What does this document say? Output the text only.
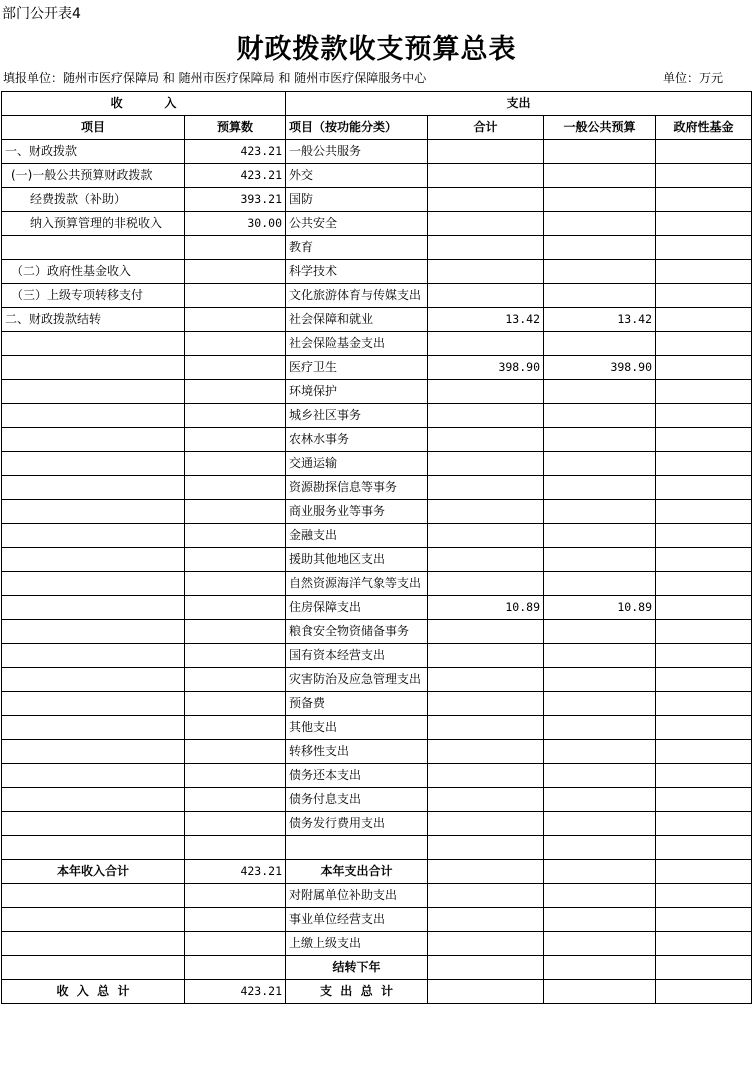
部门公开表4
财政拨款收支预算总表
填报单位：随州市医疗保障局 和 随州市医疗保障局 和 随州市医疗保障服务中心	单位：万元
收          入		支出			
项目	预算数	项目（按功能分类）	合计	一般公共预算	政府性基金
一、财政拨款	423.21	一般公共服务			
(一)一般公共预算财政拨款	423.21	外交			
经费拨款（补助）	393.21	国防			
纳入预算管理的非税收入	30.00	公共安全			
		教育			
（二）政府性基金收入		科学技术			
（三）上级专项转移支付		文化旅游体育与传媒支出			
二、财政拨款结转		社会保障和就业	13.42	13.42	
		社会保险基金支出			
		医疗卫生	398.90	398.90	
		环境保护			
		城乡社区事务			
		农林水事务			
		交通运输			
		资源勘探信息等事务			
		商业服务业等事务			
		金融支出			
		援助其他地区支出			
		自然资源海洋气象等支出			
		住房保障支出	10.89	10.89	
		粮食安全物资储备事务			
		国有资本经营支出			
		灾害防治及应急管理支出			
		预备费			
		其他支出			
		转移性支出			
		债务还本支出			
		债务付息支出			
		债务发行费用支出			

本年收入合计	423.21	本年支出合计			
		对附属单位补助支出			
		事业单位经营支出			
		上缴上级支出			
		结转下年			
收  入  总  计	423.21	支  出  总  计			
